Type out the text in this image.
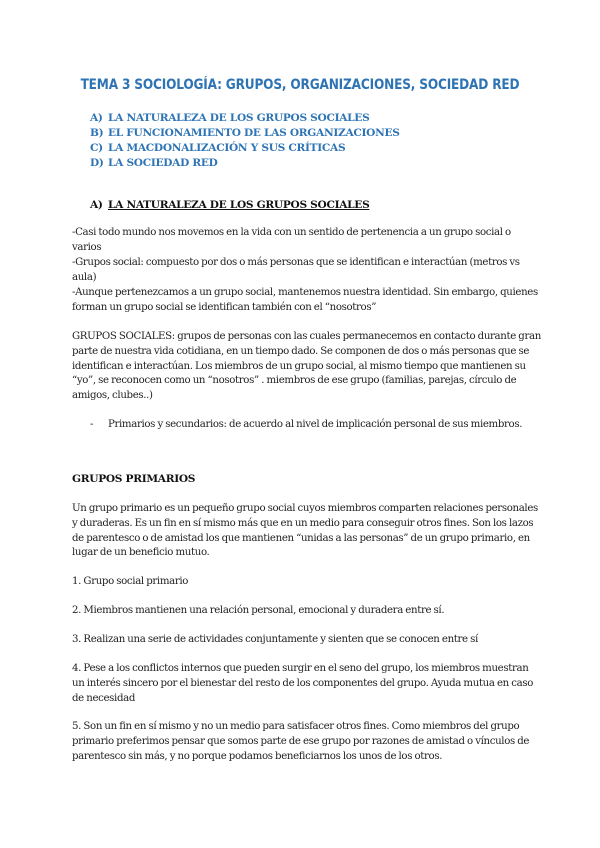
TEMA 3 SOCIOLOGÍA: GRUPOS, ORGANIZACIONES, SOCIEDAD RED
A) LA NATURALEZA DE LOS GRUPOS SOCIALES
B) EL FUNCIONAMIENTO DE LAS ORGANIZACIONES
C) LA MACDONALIZACIÓN Y SUS CRÍTICAS
D) LA SOCIEDAD RED
A) LA NATURALEZA DE LOS GRUPOS SOCIALES

-Casi todo mundo nos movemos en la vida con un sentido de pertenencia a un grupo social o varios

-Grupos social: compuesto por dos o más personas que se identifican e interactúan (metros vs aula)

-Aunque pertenezcamos a un grupo social, mantenemos nuestra identidad. Sin embargo, quienes forman un grupo social se identifican también con el “nosotros”

GRUPOS SOCIALES: grupos de personas con las cuales permanecemos en contacto durante gran parte de nuestra vida cotidiana, en un tiempo dado. Se componen de dos o más personas que se identifican e interactúan. Los miembros de un grupo social, al mismo tiempo que mantienen su “yo”, se reconocen como un “nosotros” . miembros de ese grupo (familias, parejas, círculo de amigos, clubes..)

- Primarios y secundarios: de acuerdo al nivel de implicación personal de sus miembros.
GRUPOS PRIMARIOS

Un grupo primario es un pequeño grupo social cuyos miembros comparten relaciones personales y duraderas. Es un fin en sí mismo más que en un medio para conseguir otros fines. Son los lazos de parentesco o de amistad los que mantienen “unidas a las personas” de un grupo primario, en lugar de un beneficio mutuo.

1. Grupo social primario

2. Miembros mantienen una relación personal, emocional y duradera entre sí.

3. Realizan una serie de actividades conjuntamente y sienten que se conocen entre sí

4. Pese a los conflictos internos que pueden surgir en el seno del grupo, los miembros muestran un interés sincero por el bienestar del resto de los componentes del grupo. Ayuda mutua en caso de necesidad

5. Son un fin en sí mismo y no un medio para satisfacer otros fines. Como miembros del grupo primario preferimos pensar que somos parte de ese grupo por razones de amistad o vínculos de parentesco sin más, y no porque podamos beneficiarnos los unos de los otros.
